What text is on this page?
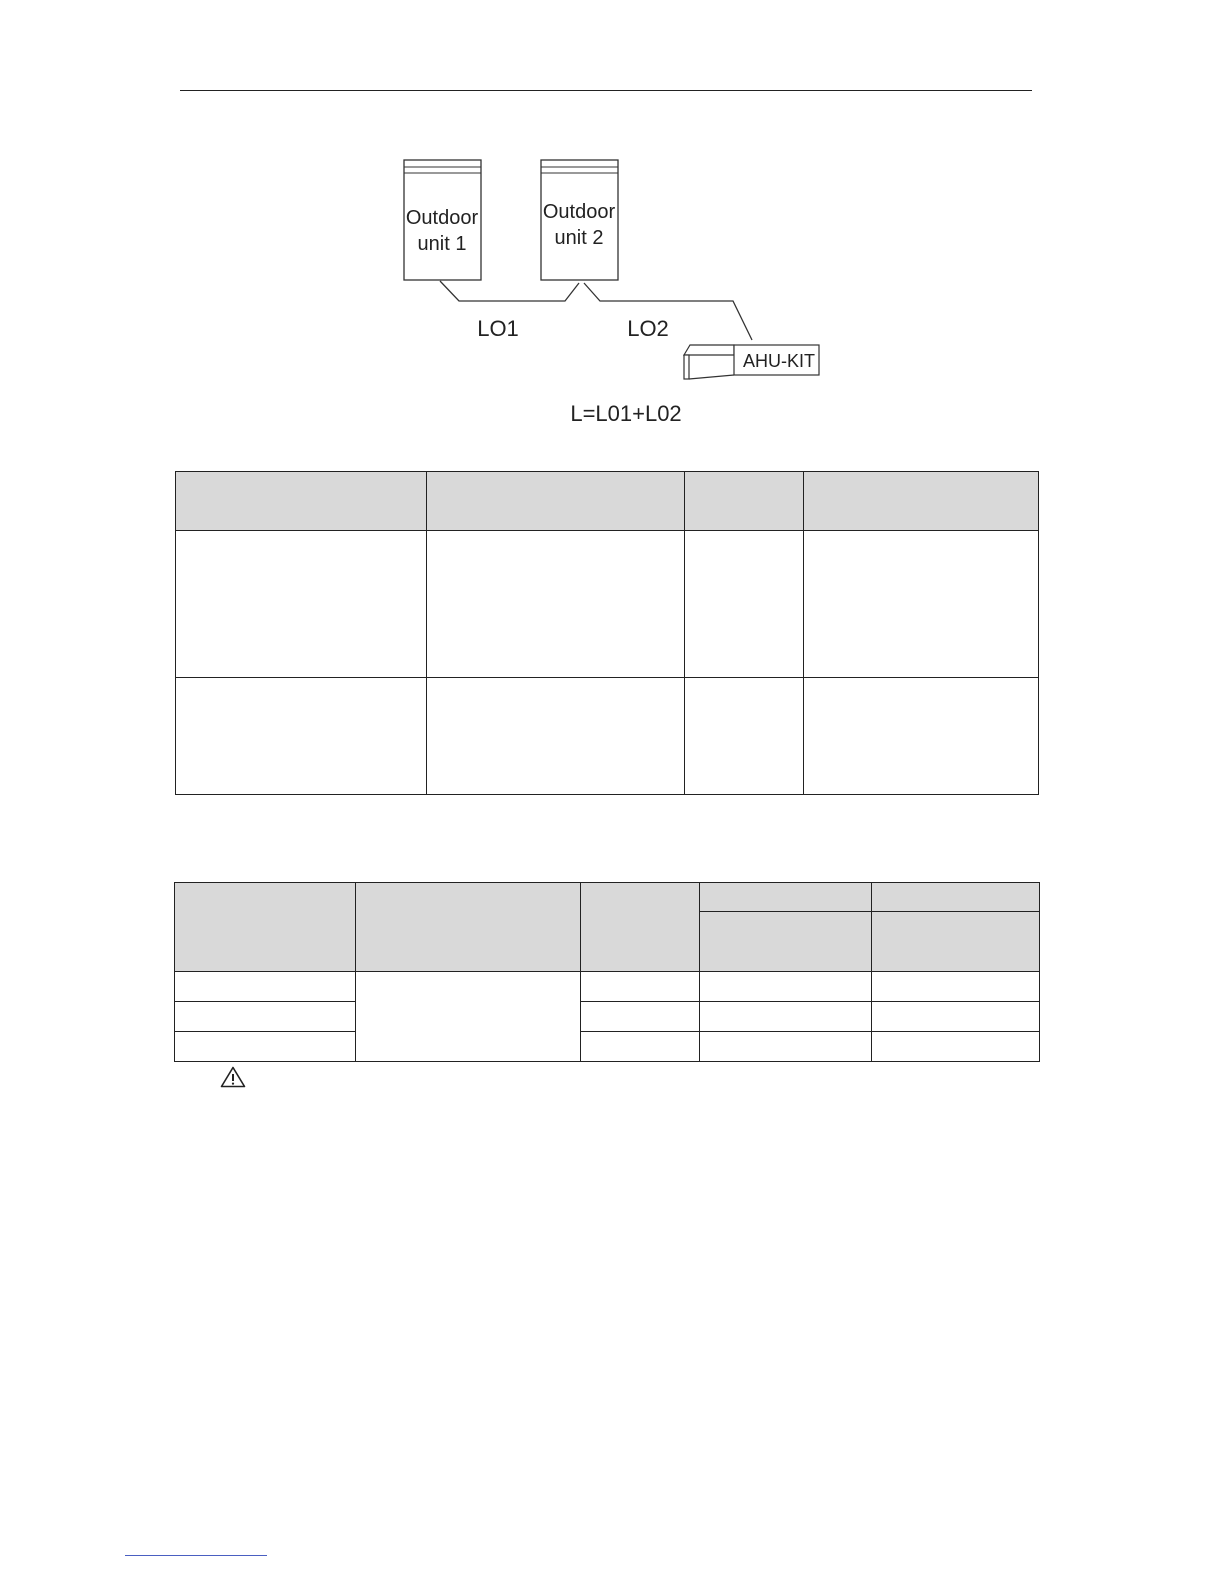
Outdoor
unit 1
Outdoor
unit 2
LO1	LO2
AHU-KIT
L=L01+L02
